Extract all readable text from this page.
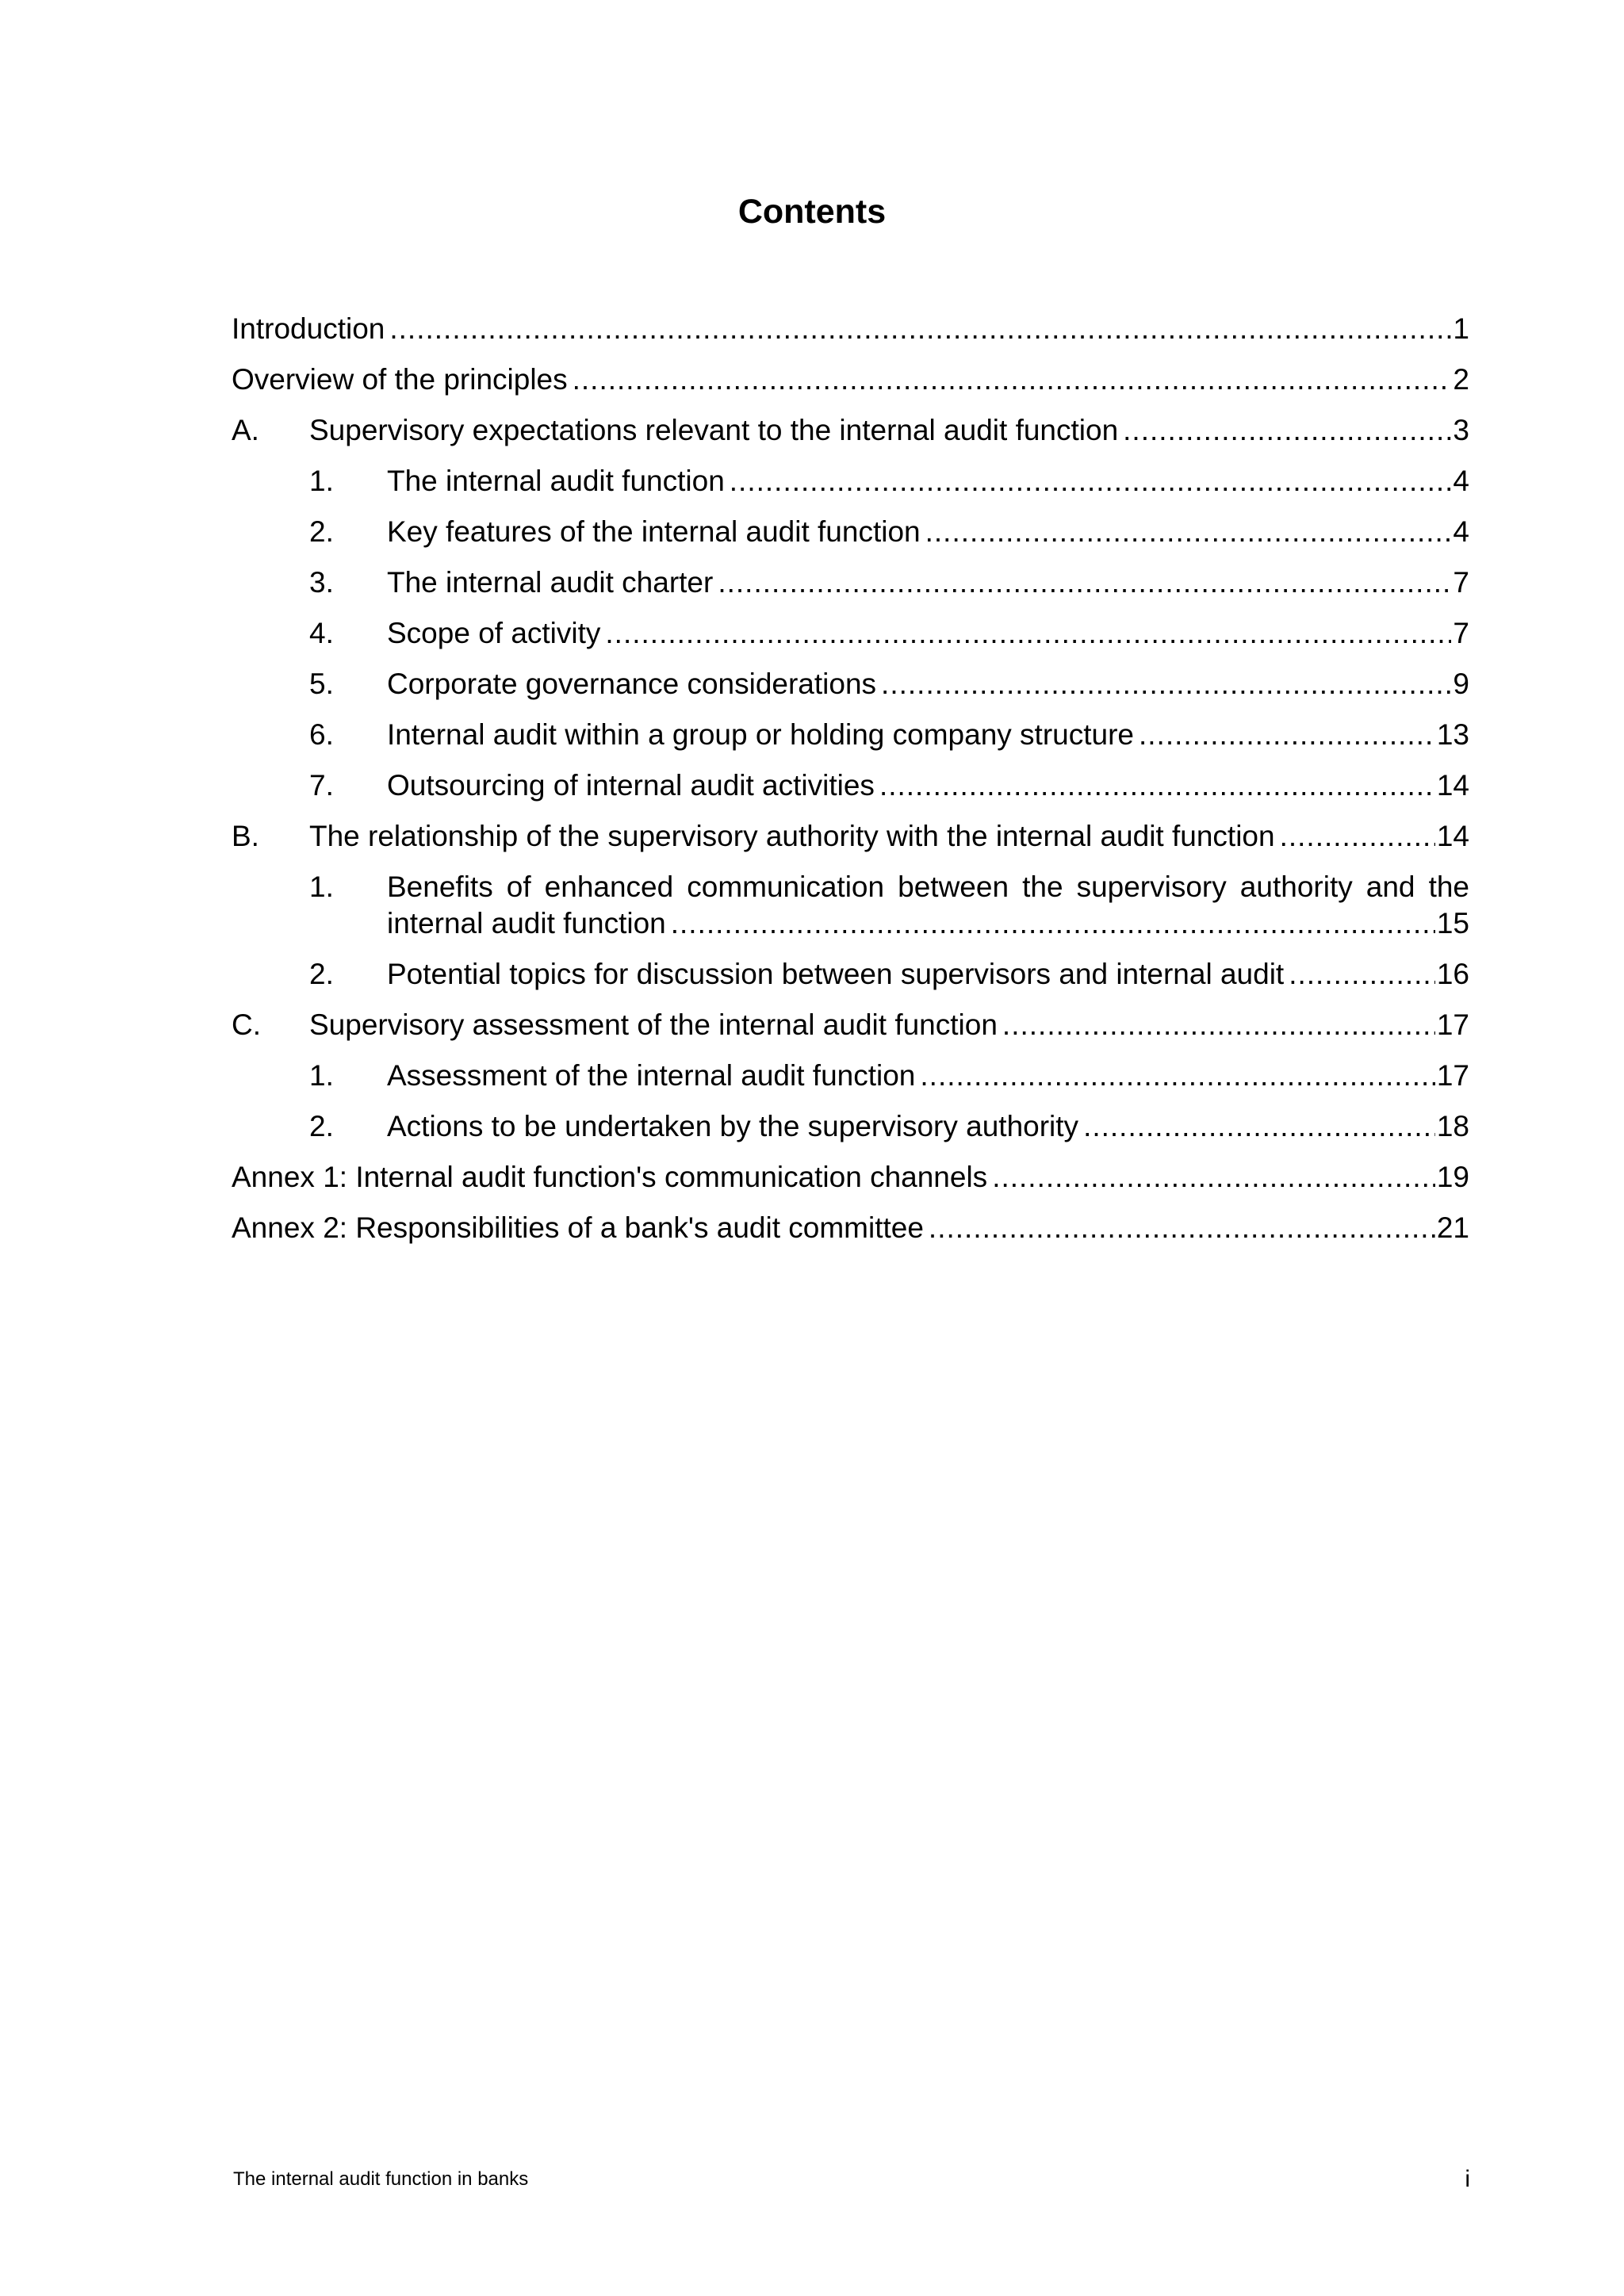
Contents
Introduction .....	1
Overview of the principles .....	2
A. Supervisory expectations relevant to the internal audit function .....	3
1. The internal audit function .....	4
2. Key features of the internal audit function .....	4
3. The internal audit charter .....	7
4. Scope of activity .....	7
5. Corporate governance considerations .....	9
6. Internal audit within a group or holding company structure .....	13
7. Outsourcing of internal audit activities .....	14
B. The relationship of the supervisory authority with the internal audit function .....	14
1. Benefits of enhanced communication between the supervisory authority and the
internal audit function .....	15
2. Potential topics for discussion between supervisors and internal audit .....	16
C. Supervisory assessment of the internal audit function .....	17
1. Assessment of the internal audit function .....	17
2. Actions to be undertaken by the supervisory authority .....	18
Annex 1: Internal audit function's communication channels .....	19
Annex 2: Responsibilities of a bank's audit committee .....	21
The internal audit function in banks	i
